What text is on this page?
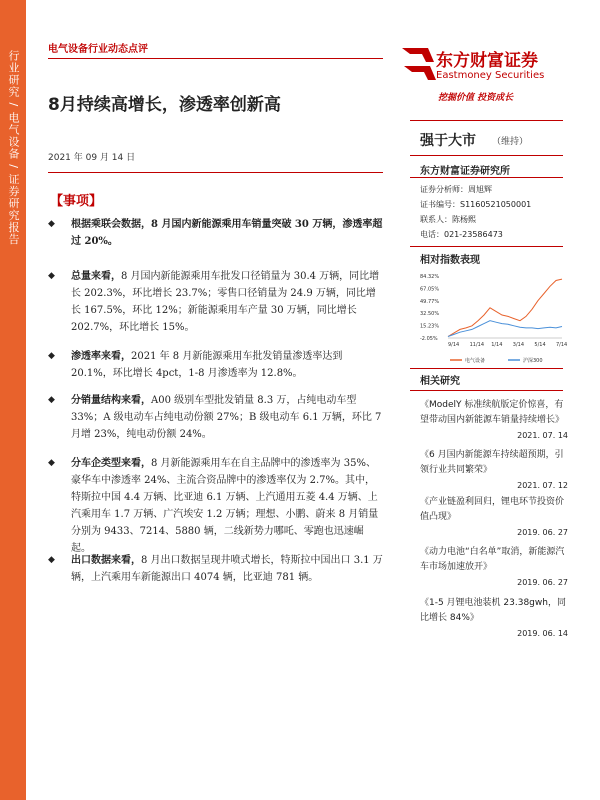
行业研究 / 电气设备 / 证券研究报告
电气设备行业动态点评
8月持续高增长，渗透率创新高
2021 年 09 月 14 日
【事项】
◆ 根据乘联会数据，8 月国内新能源乘用车销量突破 30 万辆，渗透率超过 20%。
◆ 总量来看，8 月国内新能源乘用车批发口径销量为 30.4 万辆，同比增长 202.3%，环比增长 23.7%；零售口径销量为 24.9 万辆，同比增长 167.5%，环比 12%；新能源乘用车产量 30 万辆，同比增长 202.7%，环比增长 15%。
◆ 渗透率来看，2021 年 8 月新能源乘用车批发销量渗透率达到 20.1%，环比增长 4pct，1-8 月渗透率为 12.8%。
◆ 分销量结构来看，A00 级别车型批发销量 8.3 万，占纯电动车型 33%；A 级电动车占纯电动份额 27%；B 级电动车 6.1 万辆，环比 7 月增 23%，纯电动份额 24%。
◆ 分车企类型来看，8 月新能源乘用车在自主品牌中的渗透率为 35%、豪华车中渗透率 24%、主流合资品牌中的渗透率仅为 2.7%。其中，特斯拉中国 4.4 万辆、比亚迪 6.1 万辆、上汽通用五菱 4.4 万辆、上汽乘用车 1.7 万辆、广汽埃安 1.2 万辆；理想、小鹏、蔚来 8 月销量分别为 9433、7214、5880 辆，二线新势力哪吒、零跑也迅速崛起。
◆ 出口数据来看，8 月出口数据呈现井喷式增长，特斯拉中国出口 3.1 万辆，上汽乘用车新能源出口 4074 辆，比亚迪 781 辆。
东方财富证券
Eastmoney Securities
挖掘价值 投资成长
强于大市 （维持）
东方财富证券研究所
证券分析师：周旭辉
证书编号：S1160521050001
联系人：陈杨熙
电话：021-23586473
相对指数表现
84.32%
67.05%
49.77%
32.50%
15.23%
-2.05%
9/14 11/14 1/14 3/14 5/14 7/14
电气设备	沪深300
相关研究
《ModelY 标准续航版定价惊喜，有望带动国内新能源车销量持续增长》
2021. 07. 14
《6 月国内新能源车持续超预期，引领行业共同繁荣》
2021. 07. 12
《产业链盈利回归，锂电环节投资价值凸现》
2019. 06. 27
《动力电池“白名单”取消，新能源汽车市场加速放开》
2019. 06. 27
《1-5 月锂电池装机 23.38gwh，同比增长 84%》
2019. 06. 14
